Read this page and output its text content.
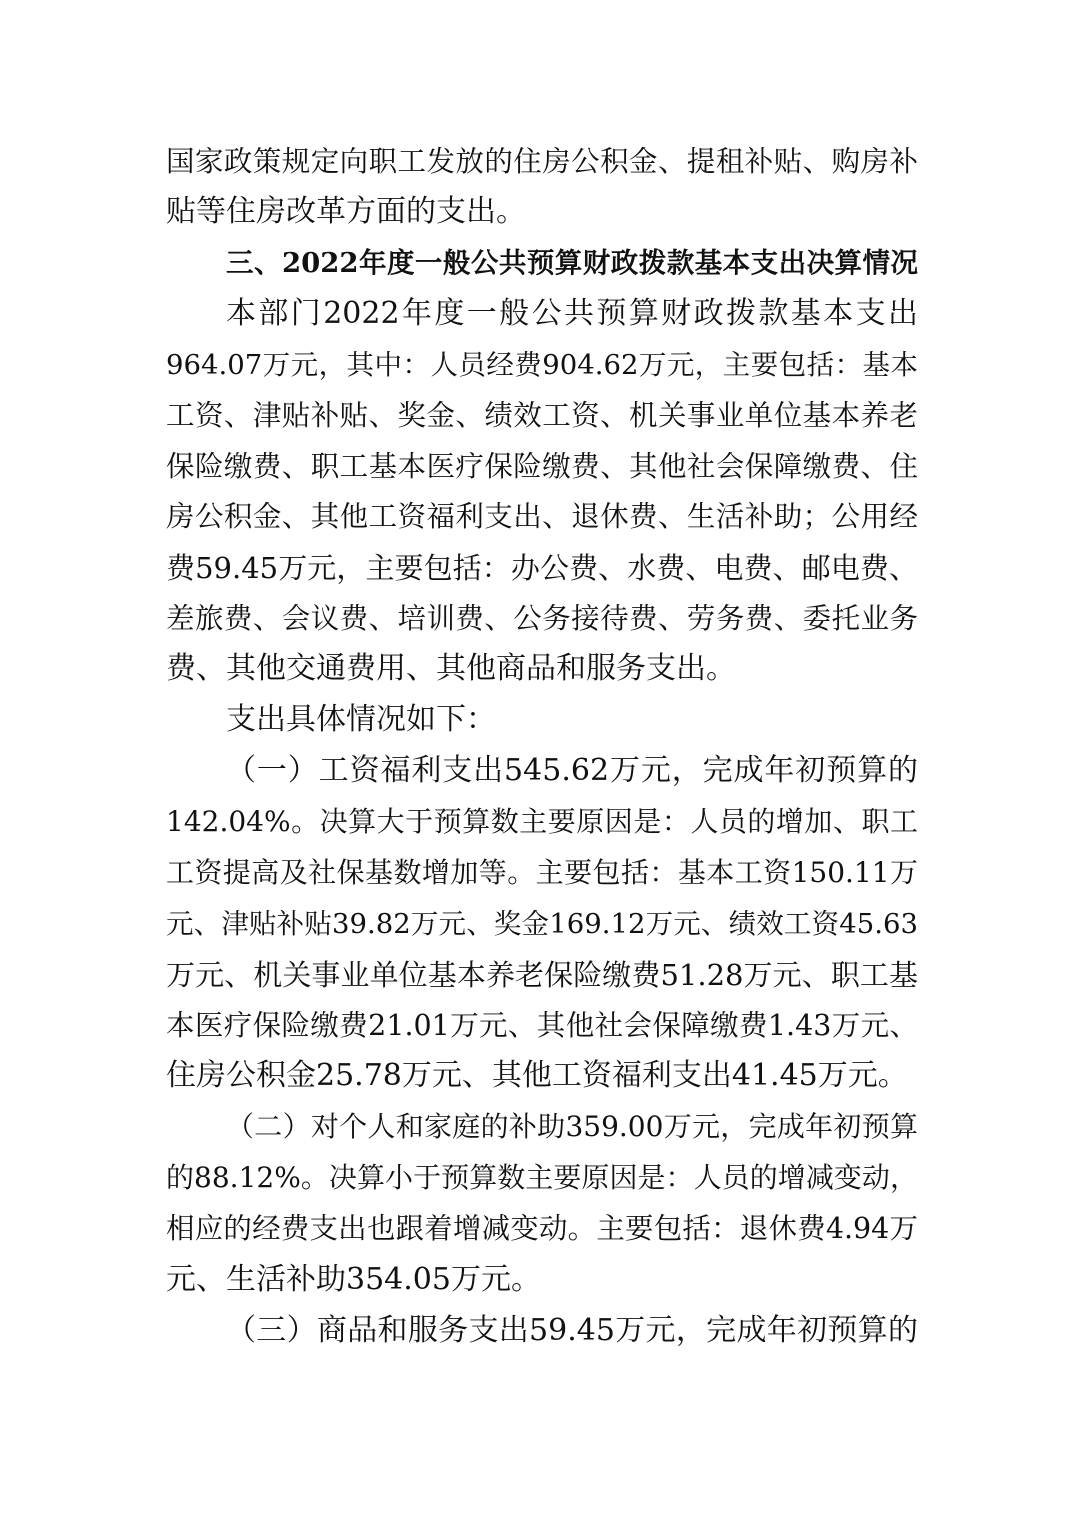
国家政策规定向职工发放的住房公积金、提租补贴、购房补
贴等住房改革方面的支出。
三、2022年度一般公共预算财政拨款基本支出决算情况
本部门2022年度一般公共预算财政拨款基本支出
964.07万元，其中：人员经费904.62万元，主要包括：基本
工资、津贴补贴、奖金、绩效工资、机关事业单位基本养老
保险缴费、职工基本医疗保险缴费、其他社会保障缴费、住
房公积金、其他工资福利支出、退休费、生活补助；公用经
费59.45万元，主要包括：办公费、水费、电费、邮电费、
差旅费、会议费、培训费、公务接待费、劳务费、委托业务
费、其他交通费用、其他商品和服务支出。
支出具体情况如下：
（一）工资福利支出545.62万元，完成年初预算的
142.04%。决算大于预算数主要原因是：人员的增加、职工
工资提高及社保基数增加等。主要包括：基本工资150.11万
元、津贴补贴39.82万元、奖金169.12万元、绩效工资45.63
万元、机关事业单位基本养老保险缴费51.28万元、职工基
本医疗保险缴费21.01万元、其他社会保障缴费1.43万元、
住房公积金25.78万元、其他工资福利支出41.45万元。
（二）对个人和家庭的补助359.00万元，完成年初预算
的88.12%。决算小于预算数主要原因是：人员的增减变动，
相应的经费支出也跟着增减变动。主要包括：退休费4.94万
元、生活补助354.05万元。
（三）商品和服务支出59.45万元，完成年初预算的
